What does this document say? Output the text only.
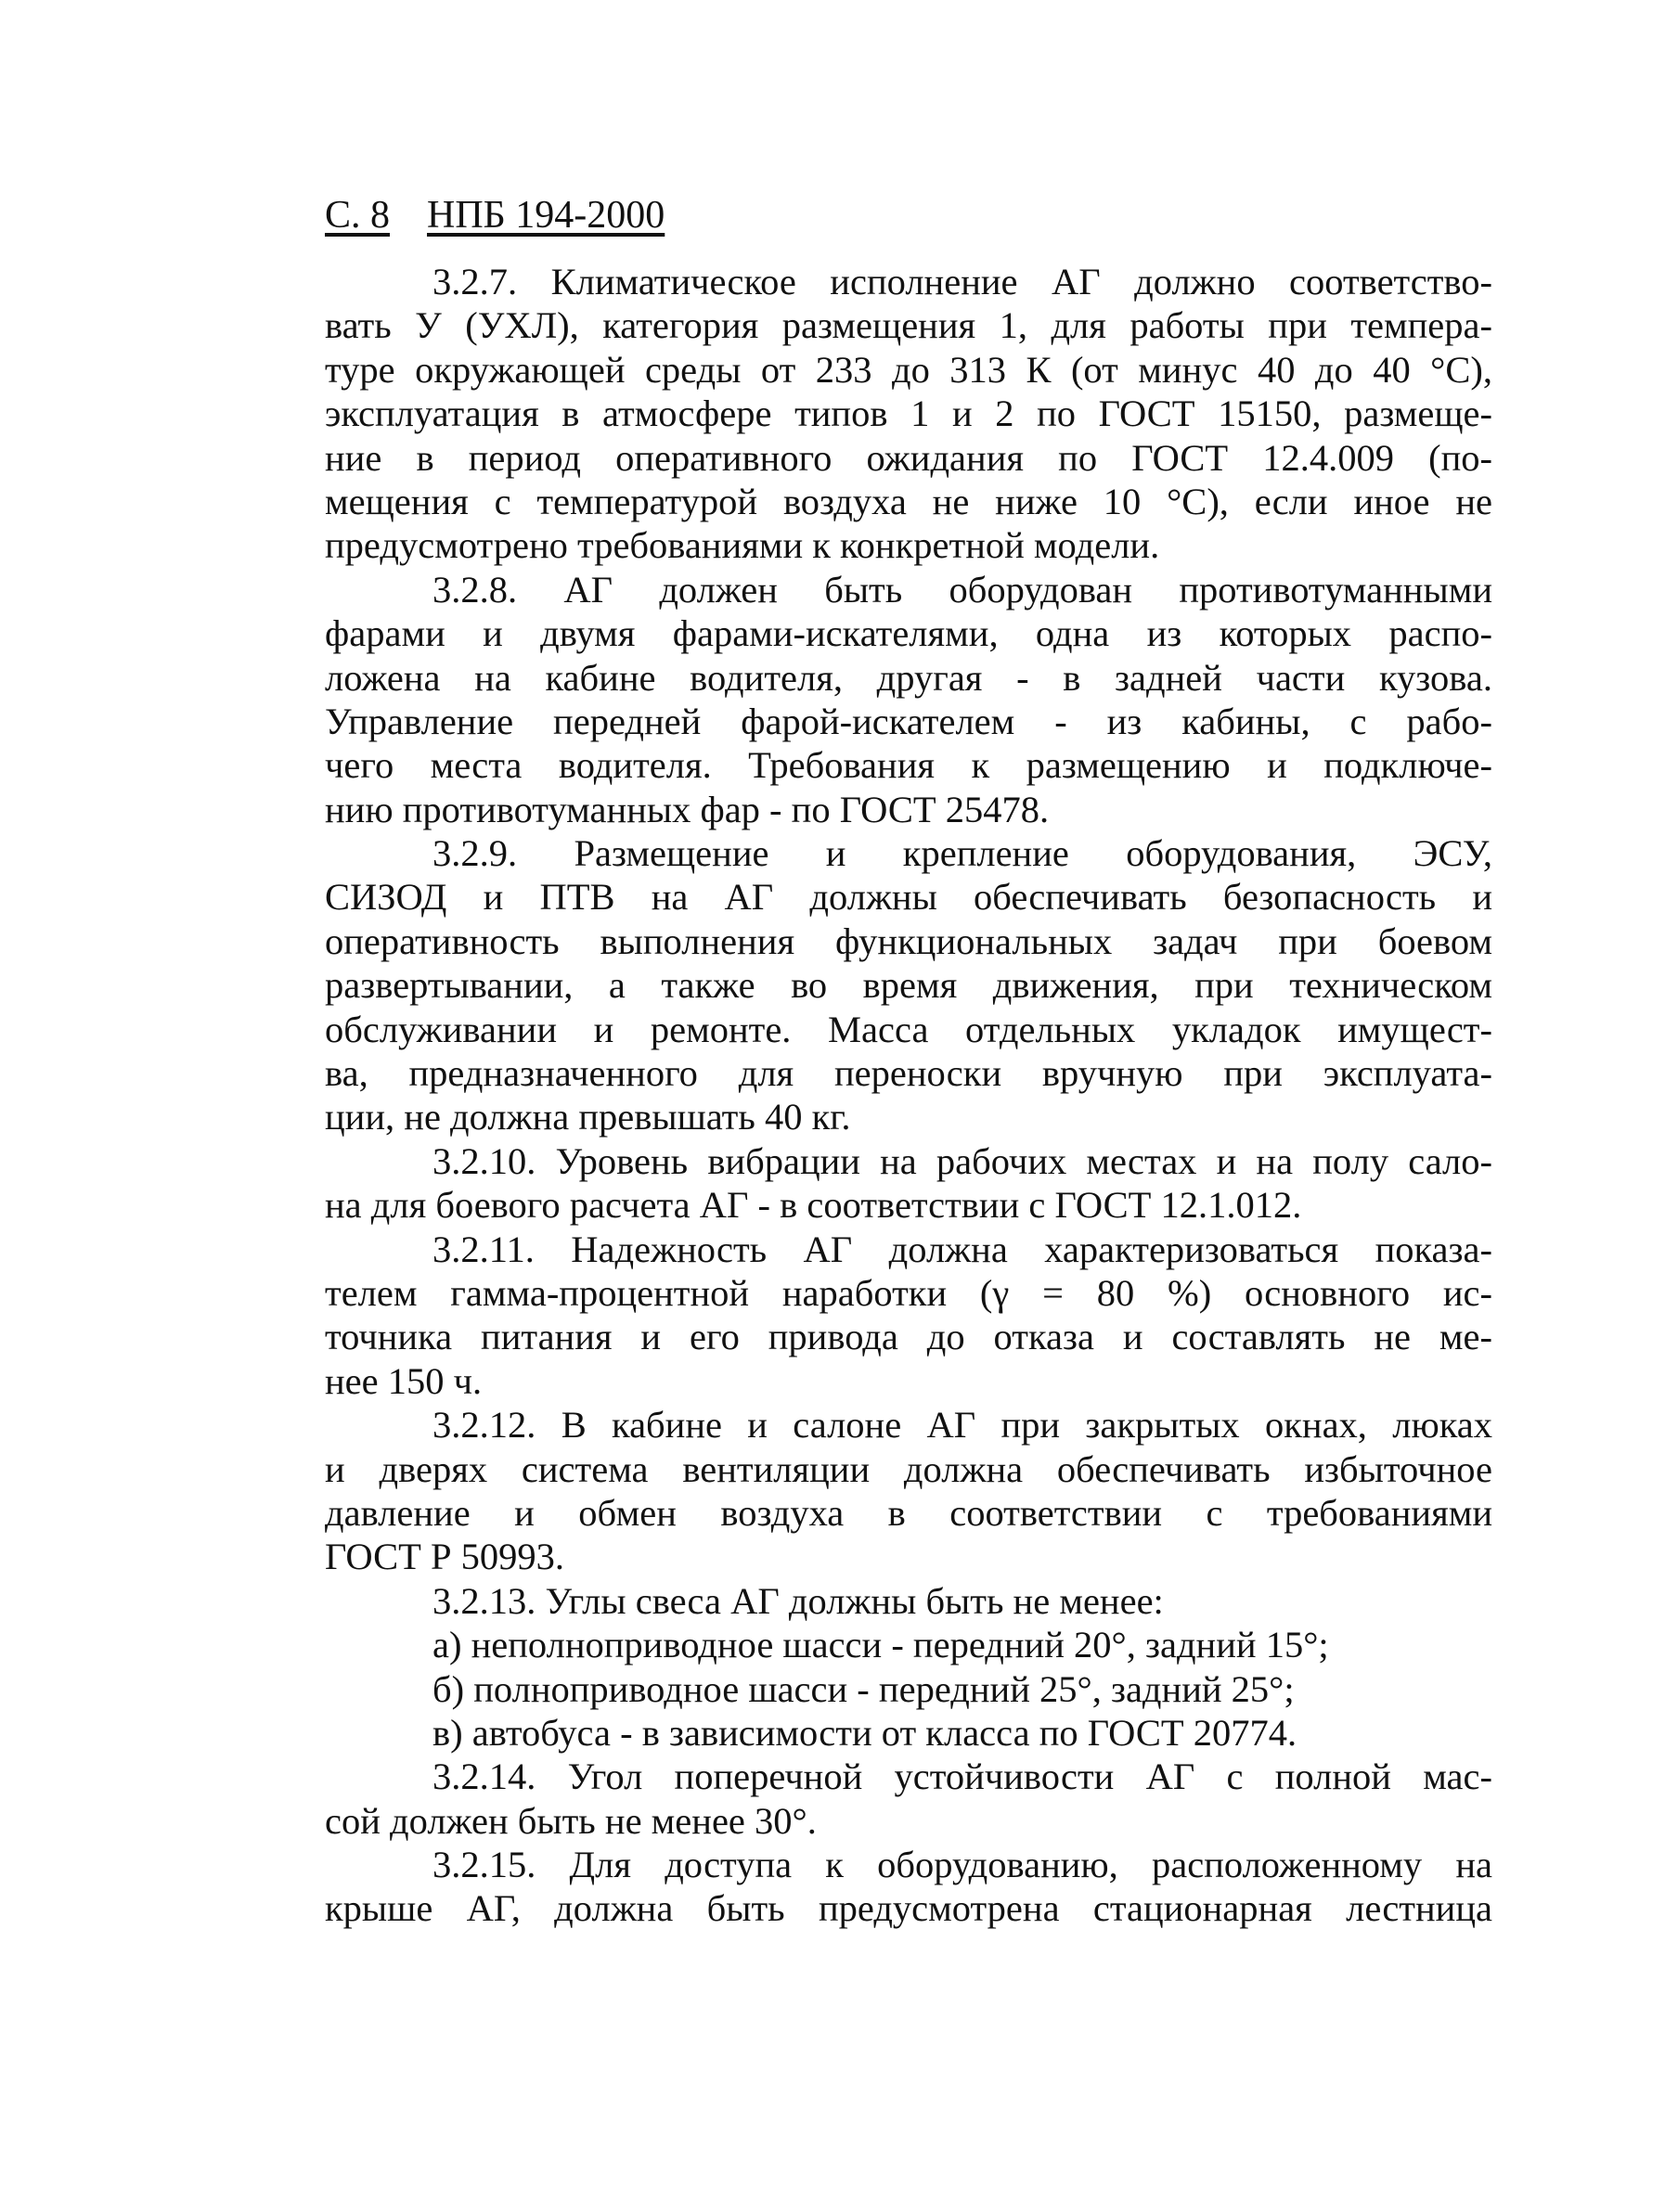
С. 8 НПБ 194-2000
3.2.7. Климатическое исполнение АГ должно соответство-
вать У (УХЛ), категория размещения 1, для работы при темпера-
туре окружающей среды от 233 до 313 К (от минус 40 до 40 °С),
эксплуатация в атмосфере типов 1 и 2 по ГОСТ 15150, размеще-
ние в период оперативного ожидания по ГОСТ 12.4.009 (по-
мещения с температурой воздуха не ниже 10 °С), если иное не
предусмотрено требованиями к конкретной модели.
3.2.8. АГ должен быть оборудован противотуманными
фарами и двумя фарами-искателями, одна из которых распо-
ложена на кабине водителя, другая - в задней части кузова.
Управление передней фарой-искателем - из кабины, с рабо-
чего места водителя. Требования к размещению и подключе-
нию противотуманных фар - по ГОСТ 25478.
3.2.9. Размещение и крепление оборудования, ЭСУ,
СИЗОД и ПТВ на АГ должны обеспечивать безопасность и
оперативность выполнения функциональных задач при боевом
развертывании, а также во время движения, при техническом
обслуживании и ремонте. Масса отдельных укладок имущест-
ва, предназначенного для переноски вручную при эксплуата-
ции, не должна превышать 40 кг.
3.2.10. Уровень вибрации на рабочих местах и на полу сало-
на для боевого расчета АГ - в соответствии с ГОСТ 12.1.012.
3.2.11. Надежность АГ должна характеризоваться показа-
телем гамма-процентной наработки (γ = 80 %) основного ис-
точника питания и его привода до отказа и составлять не ме-
нее 150 ч.
3.2.12. В кабине и салоне АГ при закрытых окнах, люках
и дверях система вентиляции должна обеспечивать избыточное
давление и обмен воздуха в соответствии с требованиями
ГОСТ Р 50993.
3.2.13. Углы свеса АГ должны быть не менее:
а) неполноприводное шасси - передний 20°, задний 15°;
б) полноприводное шасси - передний 25°, задний 25°;
в) автобуса - в зависимости от класса по ГОСТ 20774.
3.2.14. Угол поперечной устойчивости АГ с полной мас-
сой должен быть не менее 30°.
3.2.15. Для доступа к оборудованию, расположенному на
крыше АГ, должна быть предусмотрена стационарная лестница
